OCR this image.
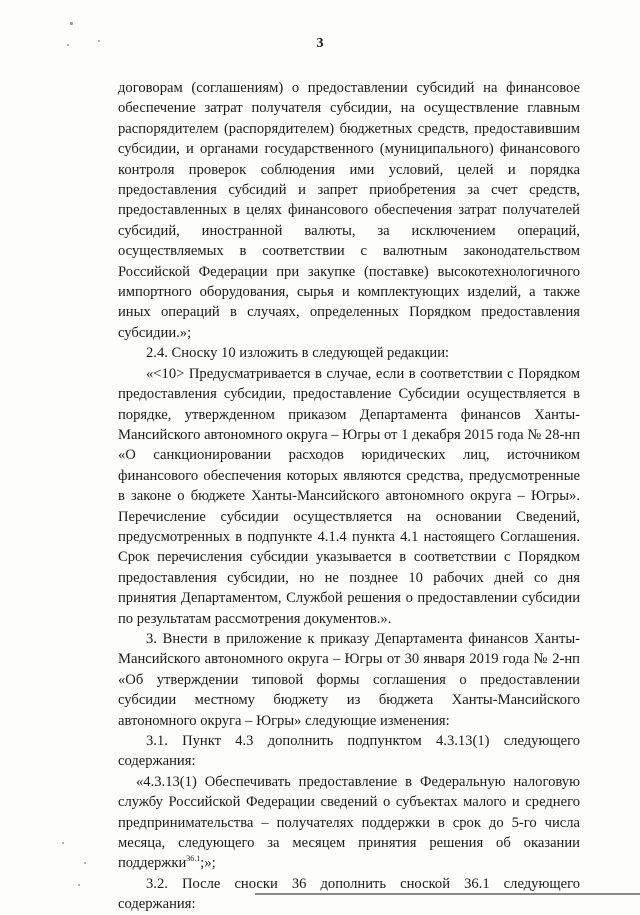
3

договорам (соглашениям) о предоставлении субсидий на финансовое обеспечение затрат получателя субсидии, на осуществление главным распорядителем (распорядителем) бюджетных средств, предоставившим субсидии, и органами государственного (муниципального) финансового контроля проверок соблюдения ими условий, целей и порядка предоставления субсидий и запрет приобретения за счет средств, предоставленных в целях финансового обеспечения затрат получателей субсидий, иностранной валюты, за исключением операций, осуществляемых в соответствии с валютным законодательством Российской Федерации при закупке (поставке) высокотехнологичного импортного оборудования, сырья и комплектующих изделий, а также иных операций в случаях, определенных Порядком предоставления субсидии.»;

2.4. Сноску 10 изложить в следующей редакции:

«<10> Предусматривается в случае, если в соответствии с Порядком предоставления субсидии, предоставление Субсидии осуществляется в порядке, утвержденном приказом Департамента финансов Ханты-Мансийского автономного округа – Югры от 1 декабря 2015 года № 28-нп «О санкционировании расходов юридических лиц, источником финансового обеспечения которых являются средства, предусмотренные в законе о бюджете Ханты-Мансийского автономного округа – Югры». Перечисление субсидии осуществляется на основании Сведений, предусмотренных в подпункте 4.1.4 пункта 4.1 настоящего Соглашения. Срок перечисления субсидии указывается в соответствии с Порядком предоставления субсидии, но не позднее 10 рабочих дней со дня принятия Департаментом, Службой решения о предоставлении субсидии по результатам рассмотрения документов.».

3. Внести в приложение к приказу Департамента финансов Ханты-Мансийского автономного округа – Югры от 30 января 2019 года № 2-нп «Об утверждении типовой формы соглашения о предоставлении субсидии местному бюджету из бюджета Ханты-Мансийского автономного округа – Югры» следующие изменения:

3.1. Пункт 4.3 дополнить подпунктом 4.3.13(1) следующего содержания:

«4.3.13(1) Обеспечивать предоставление в Федеральную налоговую службу Российской Федерации сведений о субъектах малого и среднего предпринимательства – получателях поддержки в срок до 5-го числа месяца, следующего за месяцем принятия решения об оказании поддержки$^{36.1}$;»;

3.2. После сноски 36 дополнить сноской 36.1 следующего содержания:
